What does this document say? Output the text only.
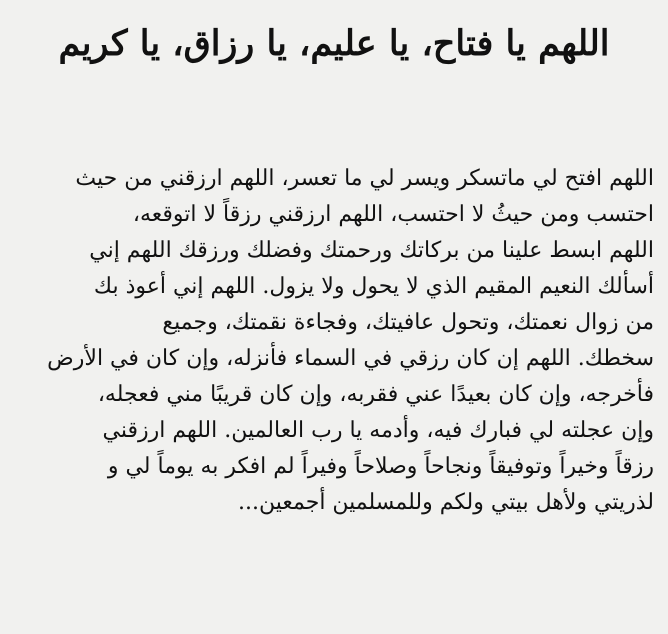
اللهم يا فتاح، يا عليم، يا رزاق، يا كريم
اللهم افتح لي ماتسكر ويسر لي ما تعسر، اللهم ارزقني من حيث
احتسب ومن حيثُ لا احتسب، اللهم ارزقني رزقاً لا اتوقعه،
اللهم ابسط علينا من بركاتك ورحمتك وفضلك ورزقك اللهم إني
أسألك النعيم المقيم الذي لا يحول ولا يزول. اللهم إني أعوذ بك
من زوال نعمتك، وتحول عافيتك، وفجاءة نقمتك، وجميع
سخطك. اللهم إن كان رزقي في السماء فأنزله، وإن كان في الأرض
فأخرجه، وإن كان بعيدًا عني فقربه، وإن كان قريبًا مني فعجله،
وإن عجلته لي فبارك فيه، وأدمه يا رب العالمين. اللهم ارزقني
رزقاً وخيراً وتوفيقاً ونجاحاً وصلاحاً وفيراً لم افكر به يوماً لي و
لذريتي ولأهل بيتي ولكم وللمسلمين أجمعين...
